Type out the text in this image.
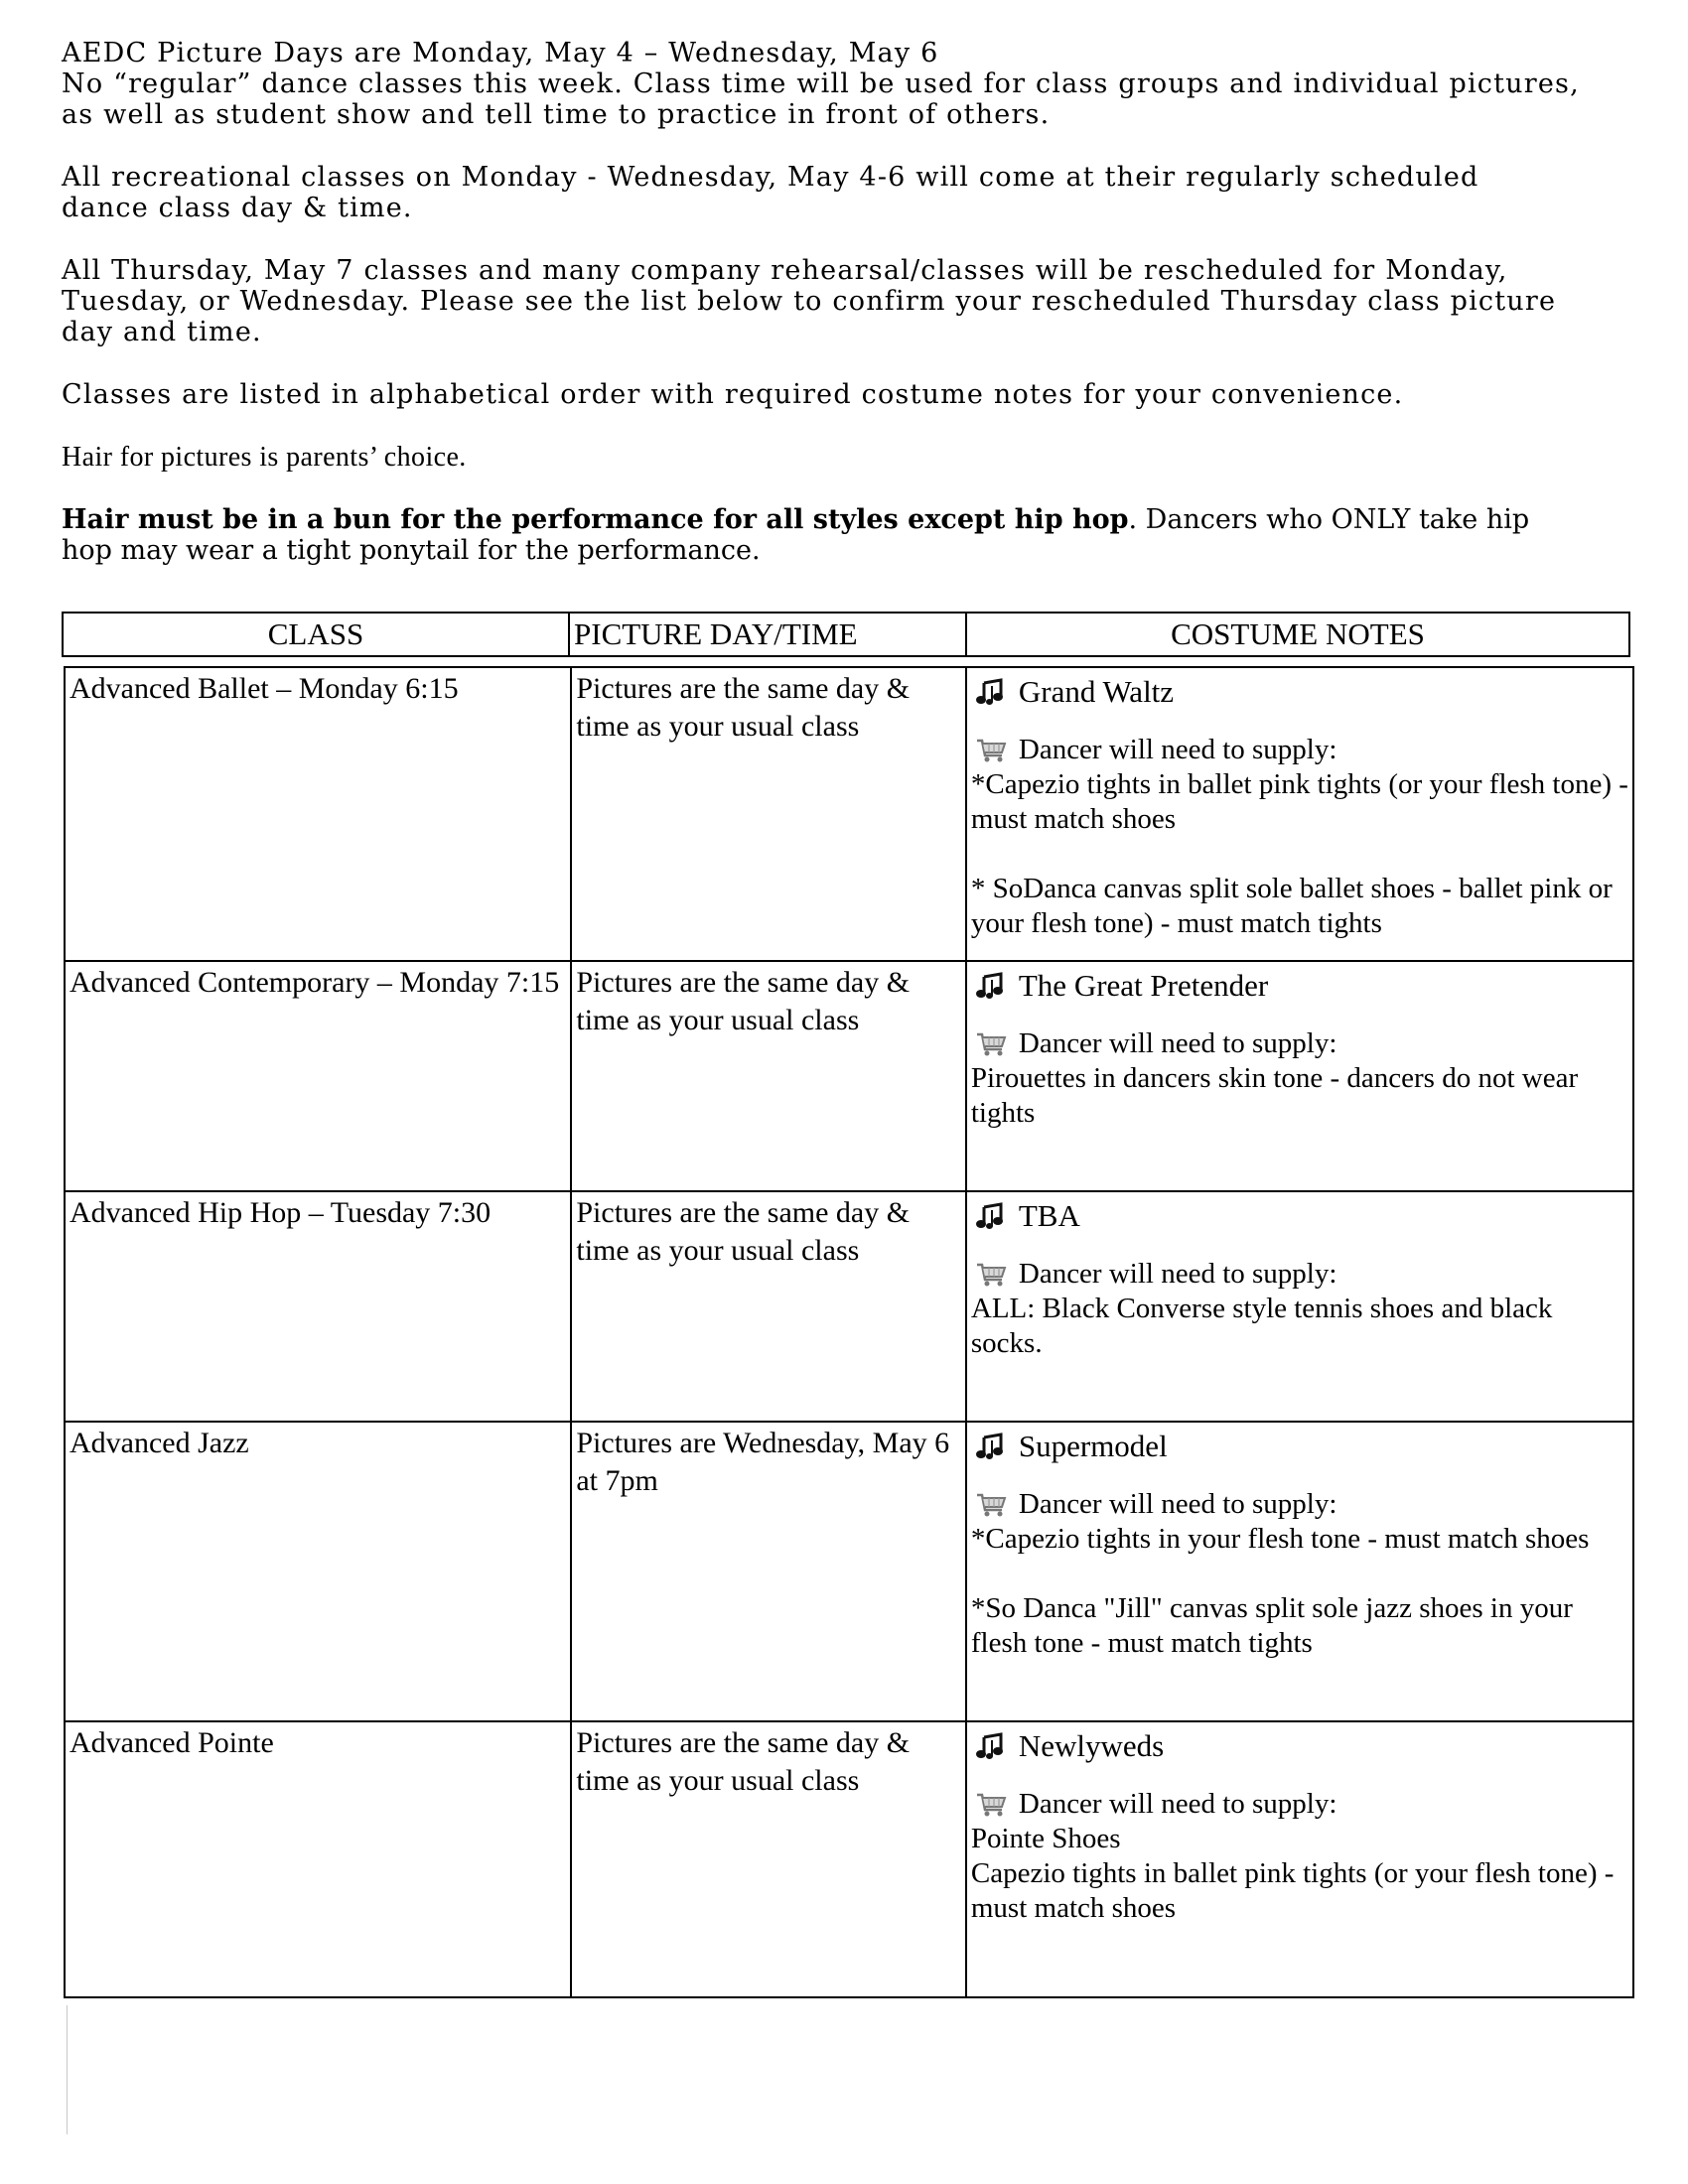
AEDC Picture Days are Monday, May 4 – Wednesday, May 6
No “regular” dance classes this week. Class time will be used for class groups and individual pictures,
as well as student show and tell time to practice in front of others.

All recreational classes on Monday - Wednesday, May 4-6 will come at their regularly scheduled
dance class day & time.

All Thursday, May 7 classes and many company rehearsal/classes will be rescheduled for Monday,
Tuesday, or Wednesday. Please see the list below to confirm your rescheduled Thursday class picture
day and time.

Classes are listed in alphabetical order with required costume notes for your convenience.

Hair for pictures is parents’ choice.

Hair must be in a bun for the performance for all styles except hip hop. Dancers who ONLY take hip
hop may wear a tight ponytail for the performance.

CLASS	PICTURE DAY/TIME	COSTUME NOTES
Advanced Ballet – Monday 6:15	Pictures are the same day & time as your usual class	Grand Waltz
Dancer will need to supply:
*Capezio tights in ballet pink tights (or your flesh tone) - must match shoes
* SoDanca canvas split sole ballet shoes - ballet pink or your flesh tone) - must match tights

Advanced Contemporary – Monday 7:15	Pictures are the same day & time as your usual class	The Great Pretender
Dancer will need to supply:
Pirouettes in dancers skin tone - dancers do not wear tights

Advanced Hip Hop – Tuesday 7:30	Pictures are the same day & time as your usual class	TBA
Dancer will need to supply:
ALL: Black Converse style tennis shoes and black socks.

Advanced Jazz	Pictures are Wednesday, May 6 at 7pm	Supermodel
Dancer will need to supply:
*Capezio tights in your flesh tone - must match shoes
*So Danca "Jill" canvas split sole jazz shoes in your flesh tone - must match tights

Advanced Pointe	Pictures are the same day & time as your usual class	Newlyweds
Dancer will need to supply:
Pointe Shoes
Capezio tights in ballet pink tights (or your flesh tone) - must match shoes
